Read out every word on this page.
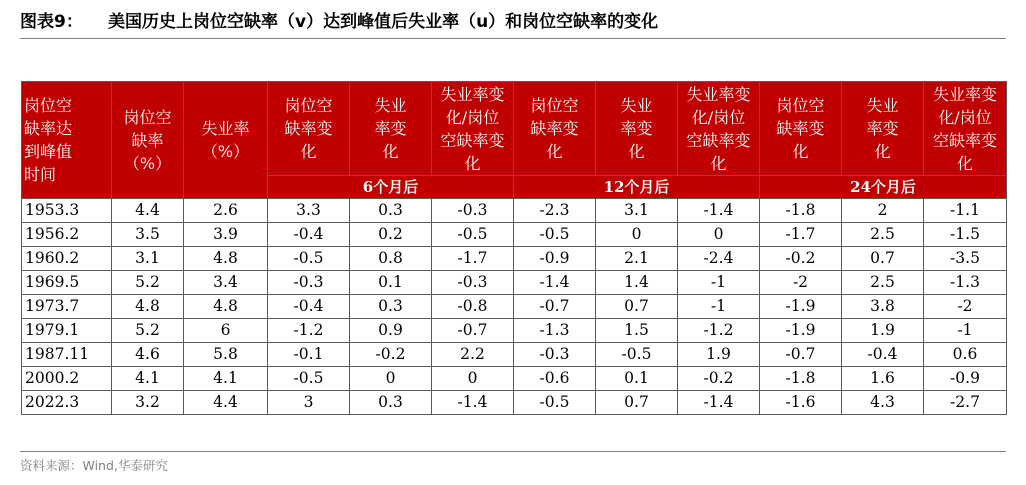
图表9： 美国历史上岗位空缺率（v）达到峰值后失业率（u）和岗位空缺率的变化
岗位空缺率达到峰值时间	岗位空缺率（%）	失业率（%）	岗位空缺率变化	失业率变化	失业率变化/岗位空缺率变化	岗位空缺率变化	失业率变化	失业率变化/岗位空缺率变化	岗位空缺率变化	失业率变化	失业率变化/岗位空缺率变化
			6个月后			12个月后			24个月后		
1953.3	4.4	2.6	3.3	0.3	-0.3	-2.3	3.1	-1.4	-1.8	2	-1.1
1956.2	3.5	3.9	-0.4	0.2	-0.5	-0.5	0	0	-1.7	2.5	-1.5
1960.2	3.1	4.8	-0.5	0.8	-1.7	-0.9	2.1	-2.4	-0.2	0.7	-3.5
1969.5	5.2	3.4	-0.3	0.1	-0.3	-1.4	1.4	-1	-2	2.5	-1.3
1973.7	4.8	4.8	-0.4	0.3	-0.8	-0.7	0.7	-1	-1.9	3.8	-2
1979.1	5.2	6	-1.2	0.9	-0.7	-1.3	1.5	-1.2	-1.9	1.9	-1
1987.11	4.6	5.8	-0.1	-0.2	2.2	-0.3	-0.5	1.9	-0.7	-0.4	0.6
2000.2	4.1	4.1	-0.5	0	0	-0.6	0.1	-0.2	-1.8	1.6	-0.9
2022.3	3.2	4.4	3	0.3	-1.4	-0.5	0.7	-1.4	-1.6	4.3	-2.7
资料来源：Wind,华泰研究
